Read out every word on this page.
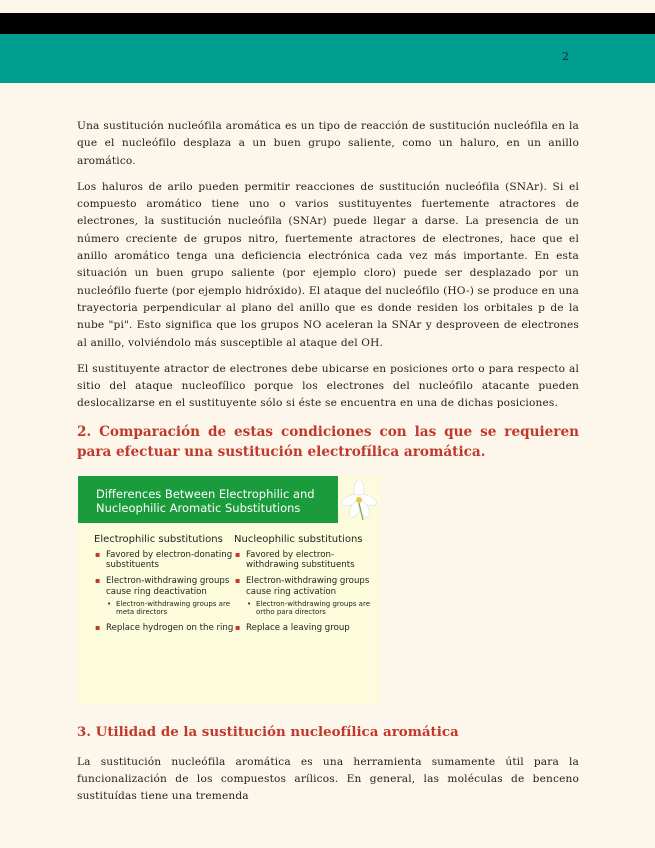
2

Una sustitución nucleófila aromática es un tipo de reacción de sustitución nucleófila en la que el nucleófilo desplaza a un buen grupo saliente, como un haluro, en un anillo aromático.

Los haluros de arilo pueden permitir reacciones de sustitución nucleófila (SNAr). Si el compuesto aromático tiene uno o varios sustituyentes fuertemente atractores de electrones, la sustitución nucleófila (SNAr) puede llegar a darse. La presencia de un número creciente de grupos nitro, fuertemente atractores de electrones, hace que el anillo aromático tenga una deficiencia electrónica cada vez más importante. En esta situación un buen grupo saliente (por ejemplo cloro) puede ser desplazado por un nucleófilo fuerte (por ejemplo hidróxido). El ataque del nucleófilo (HO-) se produce en una trayectoria perpendicular al plano del anillo que es donde residen los orbitales p de la nube "pi". Esto significa que los grupos NO aceleran la SNAr y desproveen de electrones al anillo, volviéndolo más susceptible al ataque del OH.

El sustituyente atractor de electrones debe ubicarse en posiciones orto o para respecto al sitio del ataque nucleofílico porque los electrones del nucleófilo atacante pueden deslocalizarse en el sustituyente sólo si éste se encuentra en una de dichas posiciones.

2. Comparación de estas condiciones con las que se requieren para efectuar una sustitución electrofílica aromática.
Differences Between Electrophilic and Nucleophilic Aromatic Substitutions
Electrophilic substitutions
▪ Favored by electron-donating substituents
▪ Electron-withdrawing groups cause ring deactivation
• Electron-withdrawing groups are meta directors
▪ Replace hydrogen on the ring
Nucleophilic substitutions
▪ Favored by electron-withdrawing substituents
▪ Electron-withdrawing groups cause ring activation
• Electron-withdrawing groups are ortho para directors
▪ Replace a leaving group
3. Utilidad de la sustitución nucleofílica aromática

La sustitución nucleófila aromática es una herramienta sumamente útil para la funcionalización de los compuestos arílicos. En general, las moléculas de benceno sustituídas tiene una tremenda
